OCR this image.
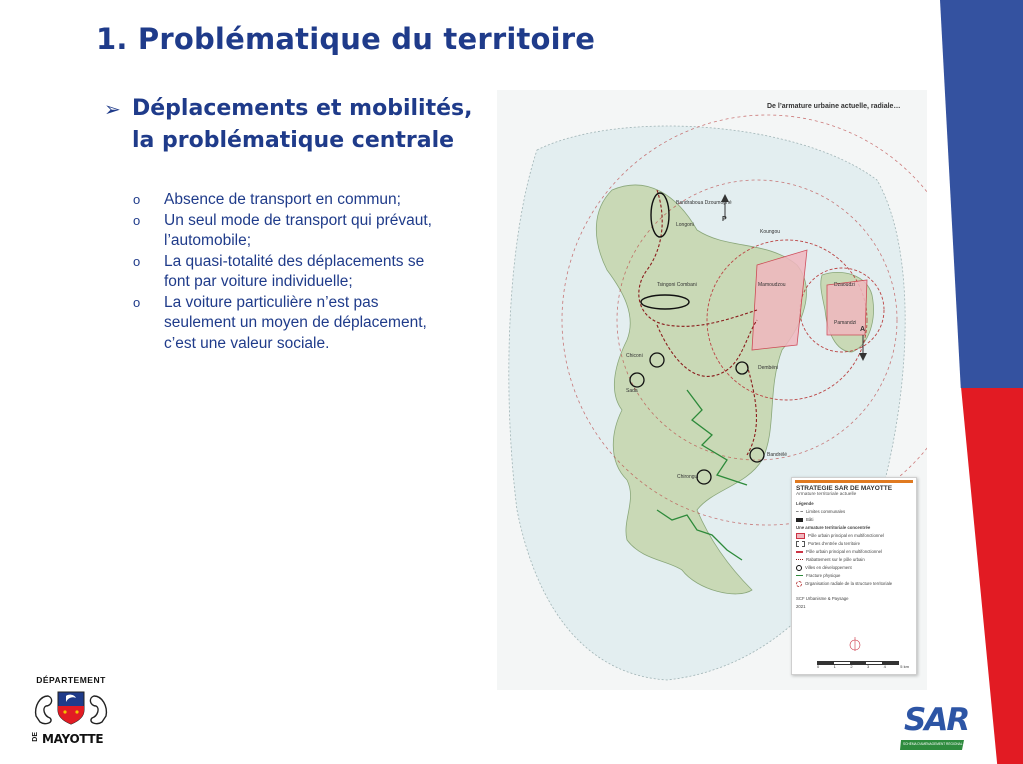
1. Problématique du territoire
➢ Déplacements et mobilités,
la problématique centrale
o Absence de transport en commun;
o Un seul mode de transport qui prévaut, l’automobile;
o La quasi-totalité des déplacements se font par voiture individuelle;
o La voiture particulière n’est pas seulement un moyen de déplacement, c’est une valeur sociale.
De l’armature urbaine actuelle, radiale…
Bandraboua Dzoumogné
Longoni
Koungou
Mamoudzou	Dzaoudzi
Pamandzi
Tsingoni Combani
Chiconi
Sada
Dembéni
Bandrélé
Chirongui
P
A
STRATEGIE SAR DE MAYOTTE
Armature territoriale actuelle
Légende
Limites communales
Bâti
Une armature territoriale concentrée
Pôle urbain principal en multifonctionnel
Portes d’entrée du territoire
Pôle urbain principal en multifonctionnel
Rabattement sur le pôle urbain
Villes en développement
Fracture physique
Organisation radiale de la structure territoriale
SCF Urbanisme & Paysage
2021
0	1	2	3	4	5 km
DÉPARTEMENT
DE MAYOTTE
SAR
SCHÉMA D'AMÉNAGEMENT RÉGIONAL
